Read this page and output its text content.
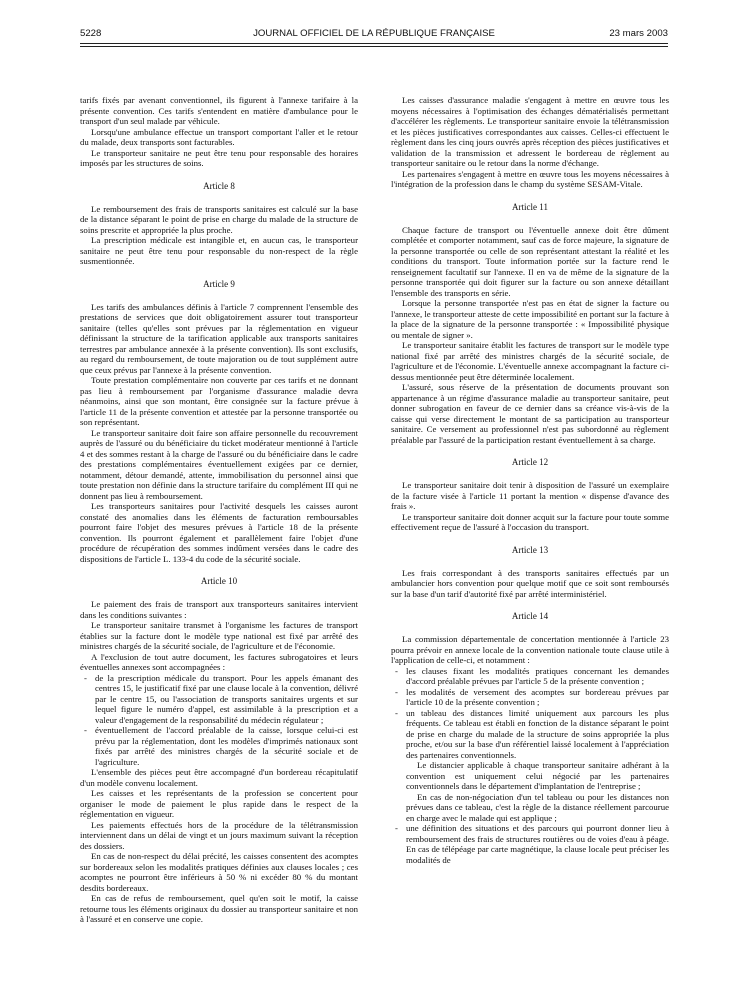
5228	JOURNAL OFFICIEL DE LA RÉPUBLIQUE FRANÇAISE	23 mars 2003

tarifs fixés par avenant conventionnel, ils figurent à l'annexe tarifaire à la présente convention. Ces tarifs s'entendent en matière d'ambulance pour le transport d'un seul malade par véhicule.

Lorsqu'une ambulance effectue un transport comportant l'aller et le retour du malade, deux transports sont facturables.

Le transporteur sanitaire ne peut être tenu pour responsable des horaires imposés par les structures de soins.

Article 8

Le remboursement des frais de transports sanitaires est calculé sur la base de la distance séparant le point de prise en charge du malade de la structure de soins prescrite et appropriée la plus proche.

La prescription médicale est intangible et, en aucun cas, le transporteur sanitaire ne peut être tenu pour responsable du non-respect de la règle susmentionnée.

Article 9

Les tarifs des ambulances définis à l'article 7 comprennent l'ensemble des prestations de services que doit obligatoirement assurer tout transporteur sanitaire (telles qu'elles sont prévues par la réglementation en vigueur définissant la structure de la tarification applicable aux transports sanitaires terrestres par ambulance annexée à la présente convention). Ils sont exclusifs, au regard du remboursement, de toute majoration ou de tout supplément autre que ceux prévus par l'annexe à la présente convention.

Toute prestation complémentaire non couverte par ces tarifs et ne donnant pas lieu à remboursement par l'organisme d'assurance maladie devra néanmoins, ainsi que son montant, être consignée sur la facture prévue à l'article 11 de la présente convention et attestée par la personne transportée ou son représentant.

Le transporteur sanitaire doit faire son affaire personnelle du recouvrement auprès de l'assuré ou du bénéficiaire du ticket modérateur mentionné à l'article 4 et des sommes restant à la charge de l'assuré ou du bénéficiaire dans le cadre des prestations complémentaires éventuellement exigées par ce dernier, notamment, détour demandé, attente, immobilisation du personnel ainsi que toute prestation non définie dans la structure tarifaire du complément III qui ne donnent pas lieu à remboursement.

Les transporteurs sanitaires pour l'activité desquels les caisses auront constaté des anomalies dans les éléments de facturation remboursables pourront faire l'objet des mesures prévues à l'article 18 de la présente convention. Ils pourront également et parallèlement faire l'objet d'une procédure de récupération des sommes indûment versées dans le cadre des dispositions de l'article L. 133-4 du code de la sécurité sociale.

Article 10

Le paiement des frais de transport aux transporteurs sanitaires intervient dans les conditions suivantes :

Le transporteur sanitaire transmet à l'organisme les factures de transport établies sur la facture dont le modèle type national est fixé par arrêté des ministres chargés de la sécurité sociale, de l'agriculture et de l'économie.

A l'exclusion de tout autre document, les factures subrogatoires et leurs éventuelles annexes sont accompagnées :

- de la prescription médicale du transport. Pour les appels émanant des centres 15, le justificatif fixé par une clause locale à la convention, délivré par le centre 15, ou l'association de transports sanitaires urgents et sur lequel figure le numéro d'appel, est assimilable à la prescription et a valeur d'engagement de la responsabilité du médecin régulateur ;
- éventuellement de l'accord préalable de la caisse, lorsque celui-ci est prévu par la réglementation, dont les modèles d'imprimés nationaux sont fixés par arrêté des ministres chargés de la sécurité sociale et de l'agriculture.

L'ensemble des pièces peut être accompagné d'un bordereau récapitulatif d'un modèle convenu localement.

Les caisses et les représentants de la profession se concertent pour organiser le mode de paiement le plus rapide dans le respect de la réglementation en vigueur.

Les paiements effectués hors de la procédure de la télétransmission interviennent dans un délai de vingt et un jours maximum suivant la réception des dossiers.

En cas de non-respect du délai précité, les caisses consentent des acomptes sur bordereaux selon les modalités pratiques définies aux clauses locales ; ces acomptes ne pourront être inférieurs à 50 % ni excéder 80 % du montant desdits bordereaux.

En cas de refus de remboursement, quel qu'en soit le motif, la caisse retourne tous les éléments originaux du dossier au transporteur sanitaire et non à l'assuré et en conserve une copie.

Les caisses d'assurance maladie s'engagent à mettre en œuvre tous les moyens nécessaires à l'optimisation des échanges dématérialisés permettant d'accélérer les règlements. Le transporteur sanitaire envoie la télétransmission et les pièces justificatives correspondantes aux caisses. Celles-ci effectuent le règlement dans les cinq jours ouvrés après réception des pièces justificatives et validation de la transmission et adressent le bordereau de règlement au transporteur sanitaire ou le retour dans la norme d'échange.

Les partenaires s'engagent à mettre en œuvre tous les moyens nécessaires à l'intégration de la profession dans le champ du système SESAM-Vitale.

Article 11

Chaque facture de transport ou l'éventuelle annexe doit être dûment complétée et comporter notamment, sauf cas de force majeure, la signature de la personne transportée ou celle de son représentant attestant la réalité et les conditions du transport. Toute information portée sur la facture rend le renseignement facultatif sur l'annexe. Il en va de même de la signature de la personne transportée qui doit figurer sur la facture ou son annexe détaillant l'ensemble des transports en série.

Lorsque la personne transportée n'est pas en état de signer la facture ou l'annexe, le transporteur atteste de cette impossibilité en portant sur la facture à la place de la signature de la personne transportée : « Impossibilité physique ou mentale de signer ».

Le transporteur sanitaire établit les factures de transport sur le modèle type national fixé par arrêté des ministres chargés de la sécurité sociale, de l'agriculture et de l'économie. L'éventuelle annexe accompagnant la facture ci-dessus mentionnée peut être déterminée localement.

L'assuré, sous réserve de la présentation de documents prouvant son appartenance à un régime d'assurance maladie au transporteur sanitaire, peut donner subrogation en faveur de ce dernier dans sa créance vis-à-vis de la caisse qui verse directement le montant de sa participation au transporteur sanitaire. Ce versement au professionnel n'est pas subordonné au règlement préalable par l'assuré de la participation restant éventuellement à sa charge.

Article 12

Le transporteur sanitaire doit tenir à disposition de l'assuré un exemplaire de la facture visée à l'article 11 portant la mention « dispense d'avance des frais ».

Le transporteur sanitaire doit donner acquit sur la facture pour toute somme effectivement reçue de l'assuré à l'occasion du transport.

Article 13

Les frais correspondant à des transports sanitaires effectués par un ambulancier hors convention pour quelque motif que ce soit sont remboursés sur la base d'un tarif d'autorité fixé par arrêté interministériel.

Article 14

La commission départementale de concertation mentionnée à l'article 23 pourra prévoir en annexe locale de la convention nationale toute clause utile à l'application de celle-ci, et notamment :

- les clauses fixant les modalités pratiques concernant les demandes d'accord préalable prévues par l'article 5 de la présente convention ;
- les modalités de versement des acomptes sur bordereau prévues par l'article 10 de la présente convention ;
- un tableau des distances limité uniquement aux parcours les plus fréquents. Ce tableau est établi en fonction de la distance séparant le point de prise en charge du malade de la structure de soins appropriée la plus proche, et/ou sur la base d'un référentiel laissé localement à l'appréciation des partenaires conventionnels.

Le distancier applicable à chaque transporteur sanitaire adhérant à la convention est uniquement celui négocié par les partenaires conventionnels dans le département d'implantation de l'entreprise ;

En cas de non-négociation d'un tel tableau ou pour les distances non prévues dans ce tableau, c'est la règle de la distance réellement parcourue en charge avec le malade qui est applique ;

- une définition des situations et des parcours qui pourront donner lieu à remboursement des frais de structures routières ou de voies d'eau à péage. En cas de télépéage par carte magnétique, la clause locale peut préciser les modalités de
